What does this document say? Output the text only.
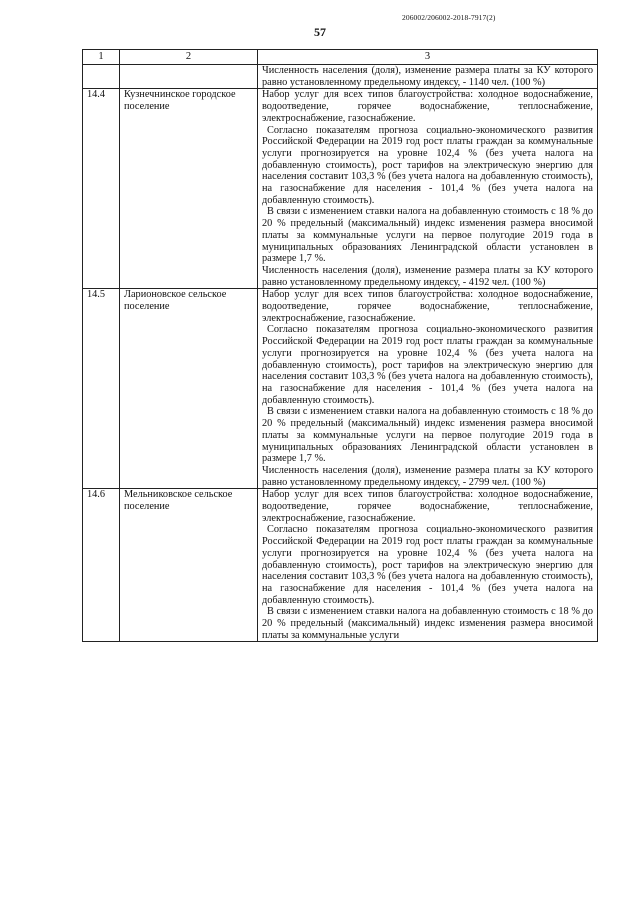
206002/206002-2018-7917(2)
57
1	2	3

		Численность населения (доля), изменение размера платы за КУ которого равно установленному предельному индексу, - 1140 чел. (100 %)

14.4	Кузнечнинское городское поселение	Набор услуг для всех типов благоустройства: холодное водоснабжение, водоотведение, горячее водоснабжение, теплоснабжение, электроснабжение, газоснабжение.

Согласно показателям прогноза социально-экономического развития Российской Федерации на 2019 год рост платы граждан за коммунальные услуги прогнозируется на уровне 102,4 % (без учета налога на добавленную стоимость), рост тарифов на электрическую энергию для населения составит 103,3 % (без учета налога на добавленную стоимость), на газоснабжение для населения - 101,4 % (без учета налога на добавленную стоимость).

В связи с изменением ставки налога на добавленную стоимость с 18 % до 20 % предельный (максимальный) индекс изменения размера вносимой платы за коммунальные услуги на первое полугодие 2019 года в муниципальных образованиях Ленинградской области установлен в размере 1,7 %.

Численность населения (доля), изменение размера платы за КУ которого равно установленному предельному индексу, - 4192 чел. (100 %)

14.5	Ларионовское сельское поселение	Набор услуг для всех типов благоустройства: холодное водоснабжение, водоотведение, горячее водоснабжение, теплоснабжение, электроснабжение, газоснабжение.

Согласно показателям прогноза социально-экономического развития Российской Федерации на 2019 год рост платы граждан за коммунальные услуги прогнозируется на уровне 102,4 % (без учета налога на добавленную стоимость), рост тарифов на электрическую энергию для населения составит 103,3 % (без учета налога на добавленную стоимость), на газоснабжение для населения - 101,4 % (без учета налога на добавленную стоимость).

В связи с изменением ставки налога на добавленную стоимость с 18 % до 20 % предельный (максимальный) индекс изменения размера вносимой платы за коммунальные услуги на первое полугодие 2019 года в муниципальных образованиях Ленинградской области установлен в размере 1,7 %.

Численность населения (доля), изменение размера платы за КУ которого равно установленному предельному индексу, - 2799 чел. (100 %)

14.6	Мельниковское сельское поселение	Набор услуг для всех типов благоустройства: холодное водоснабжение, водоотведение, горячее водоснабжение, теплоснабжение, электроснабжение, газоснабжение.

Согласно показателям прогноза социально-экономического развития Российской Федерации на 2019 год рост платы граждан за коммунальные услуги прогнозируется на уровне 102,4 % (без учета налога на добавленную стоимость), рост тарифов на электрическую энергию для населения составит 103,3 % (без учета налога на добавленную стоимость), на газоснабжение для населения - 101,4 % (без учета налога на добавленную стоимость).

В связи с изменением ставки налога на добавленную стоимость с 18 % до 20 % предельный (максимальный) индекс изменения размера вносимой платы за коммунальные услуги
